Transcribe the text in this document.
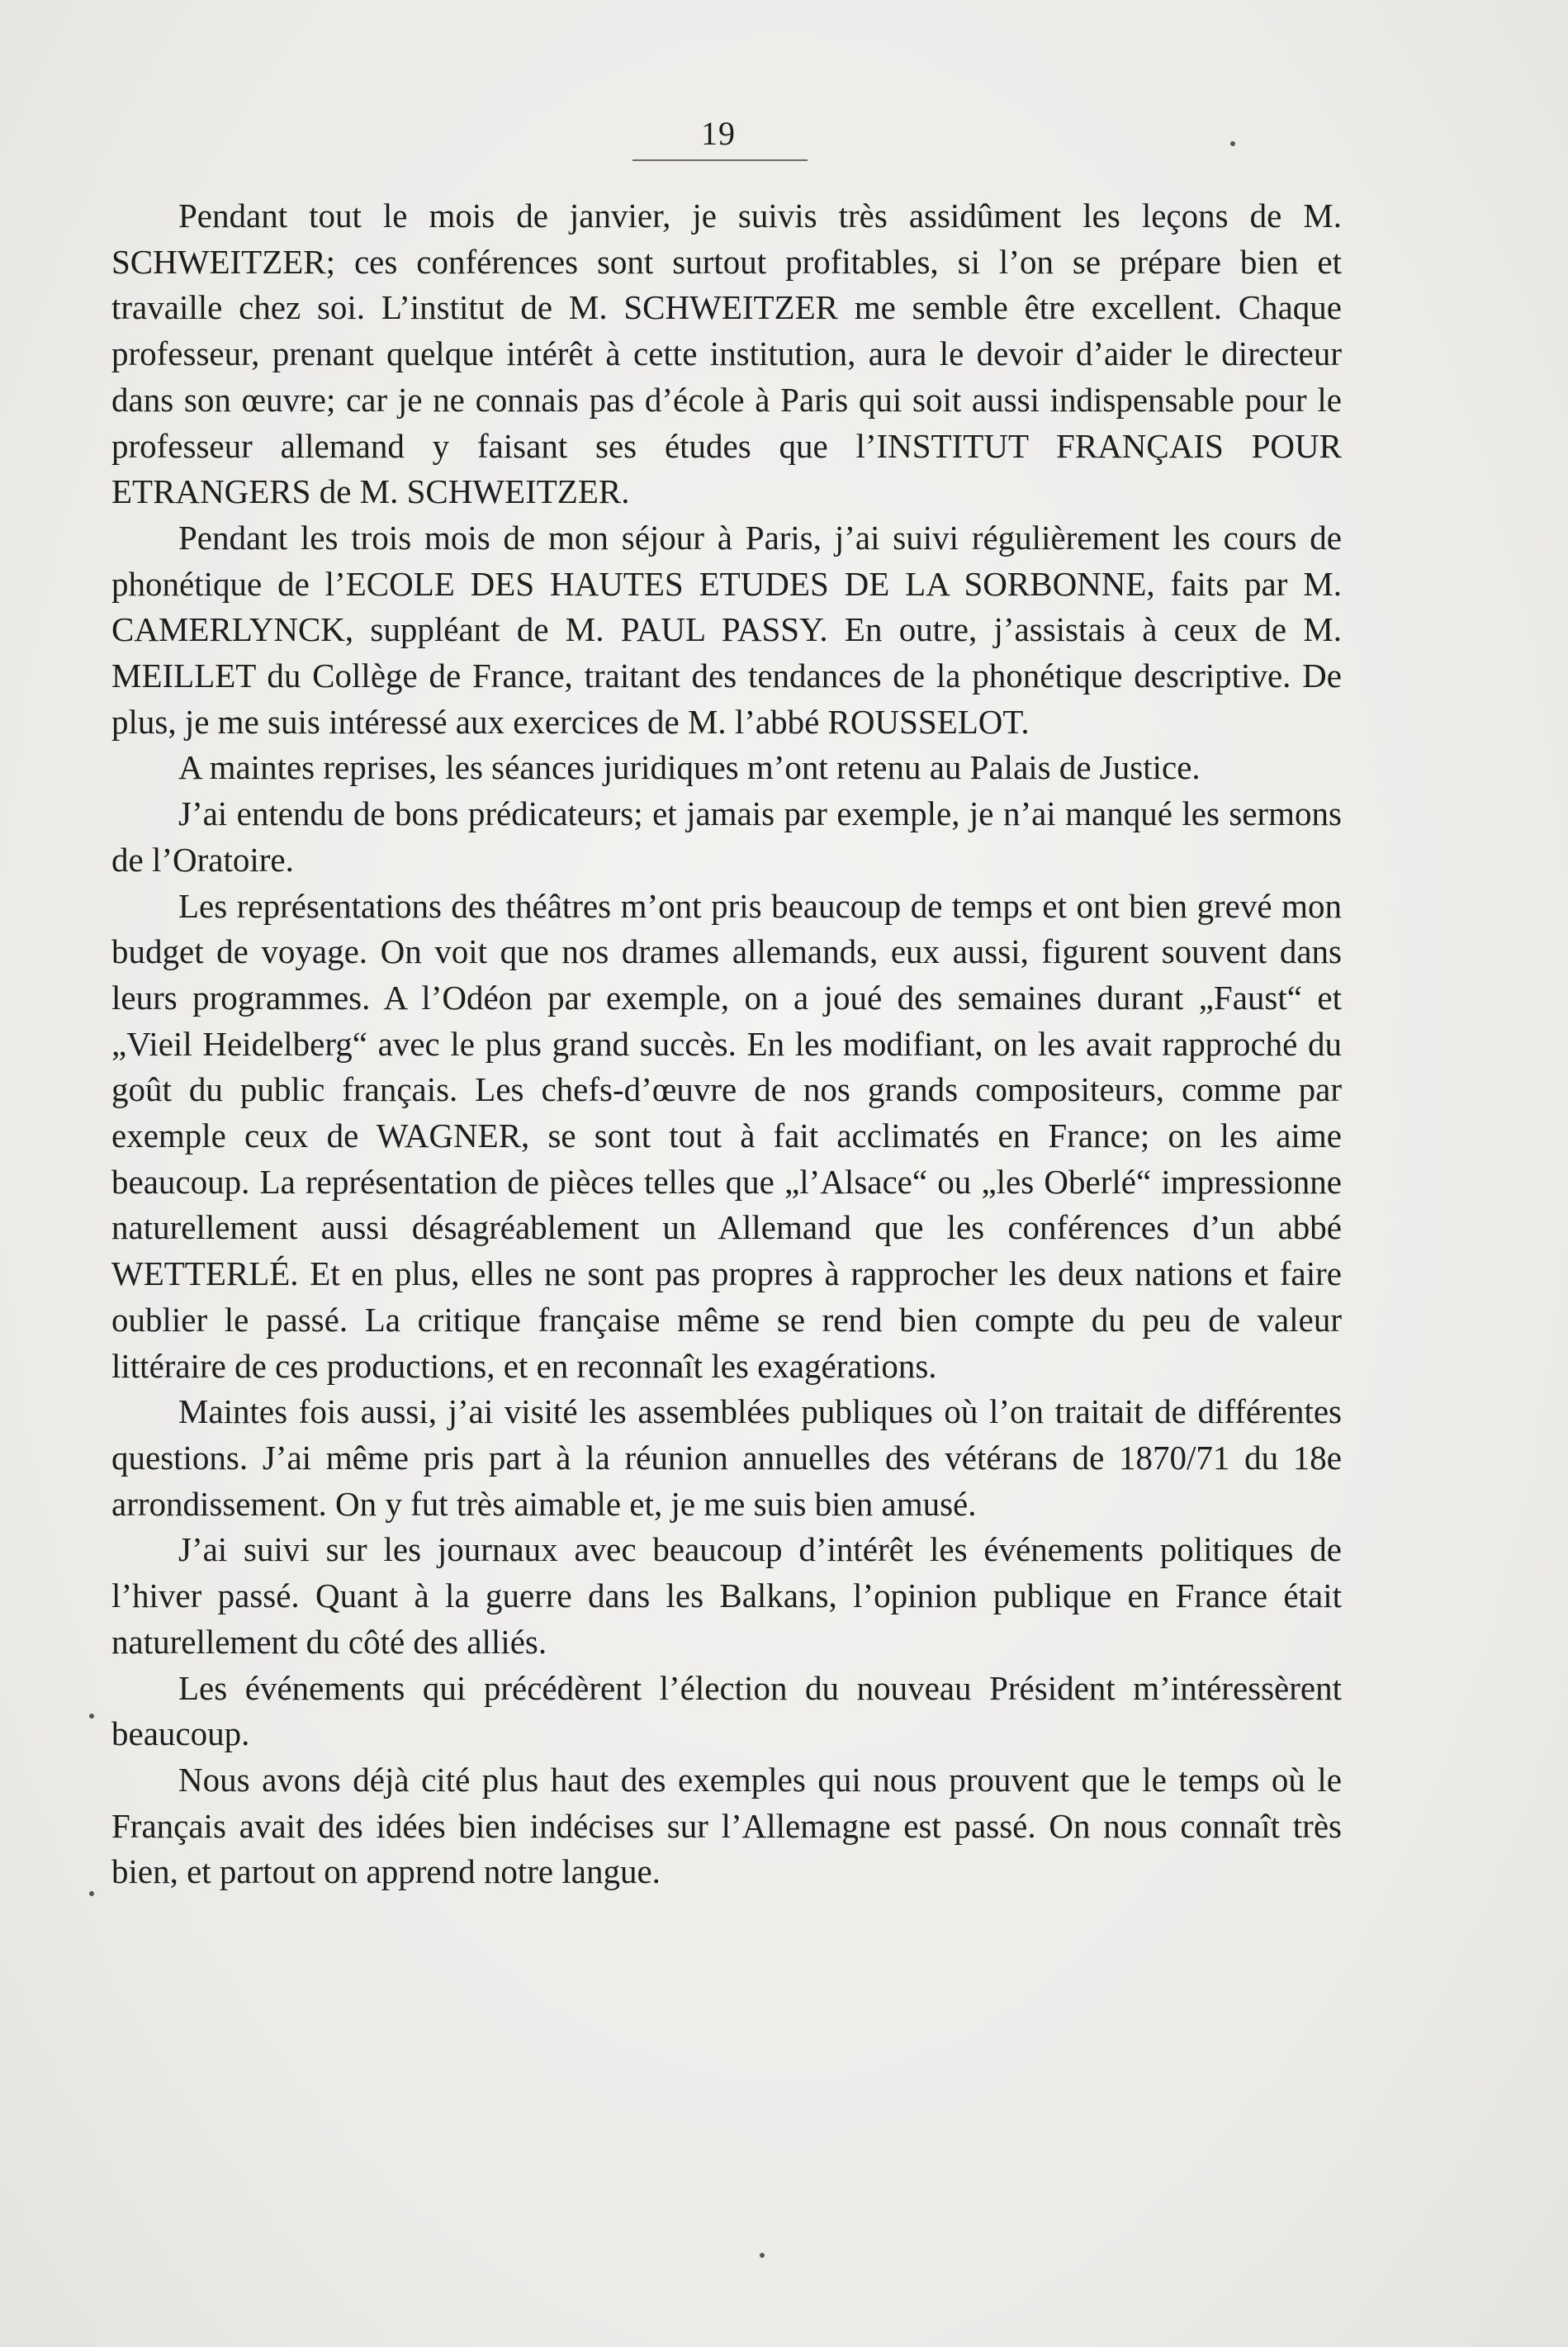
19

Pendant tout le mois de janvier, je suivis très assidûment les leçons de M. SCHWEITZER; ces conférences sont surtout profitables, si l’on se prépare bien et travaille chez soi. L’institut de M. SCHWEITZER me semble être excellent. Chaque professeur, prenant quelque intérêt à cette institution, aura le devoir d’aider le directeur dans son œuvre; car je ne connais pas d’école à Paris qui soit aussi indispensable pour le professeur allemand y faisant ses études que l’INSTITUT FRANÇAIS POUR ETRANGERS de M. SCHWEITZER.

Pendant les trois mois de mon séjour à Paris, j’ai suivi régulièrement les cours de phonétique de l’ECOLE DES HAUTES ETUDES DE LA SORBONNE, faits par M. CAMERLYNCK, suppléant de M. PAUL PASSY. En outre, j’assistais à ceux de M. MEILLET du Collège de France, traitant des tendances de la phonétique descriptive. De plus, je me suis intéressé aux exercices de M. l’abbé ROUSSELOT.

A maintes reprises, les séances juridiques m’ont retenu au Palais de Justice.

J’ai entendu de bons prédicateurs; et jamais par exemple, je n’ai manqué les sermons de l’Oratoire.

Les représentations des théâtres m’ont pris beaucoup de temps et ont bien grevé mon budget de voyage. On voit que nos drames allemands, eux aussi, figurent souvent dans leurs programmes. A l’Odéon par exemple, on a joué des semaines durant „Faust“ et „Vieil Heidelberg“ avec le plus grand succès. En les modifiant, on les avait rapproché du goût du public français. Les chefs-d’œuvre de nos grands compositeurs, comme par exemple ceux de WAGNER, se sont tout à fait acclimatés en France; on les aime beaucoup. La représentation de pièces telles que „l’Alsace“ ou „les Oberlé“ impressionne naturellement aussi désagréablement un Allemand que les conférences d’un abbé WETTERLÉ. Et en plus, elles ne sont pas propres à rapprocher les deux nations et faire oublier le passé. La critique française même se rend bien compte du peu de valeur littéraire de ces productions, et en reconnaît les exagérations.

Maintes fois aussi, j’ai visité les assemblées publiques où l’on traitait de différentes questions. J’ai même pris part à la réunion annuelles des vétérans de 1870/71 du 18e arrondissement. On y fut très aimable et, je me suis bien amusé.

J’ai suivi sur les journaux avec beaucoup d’intérêt les événements politiques de l’hiver passé. Quant à la guerre dans les Balkans, l’opinion publique en France était naturellement du côté des alliés.

Les événements qui précédèrent l’élection du nouveau Président m’intéressèrent beaucoup.

Nous avons déjà cité plus haut des exemples qui nous prouvent que le temps où le Français avait des idées bien indécises sur l’Allemagne est passé. On nous connaît très bien, et partout on apprend notre langue.
